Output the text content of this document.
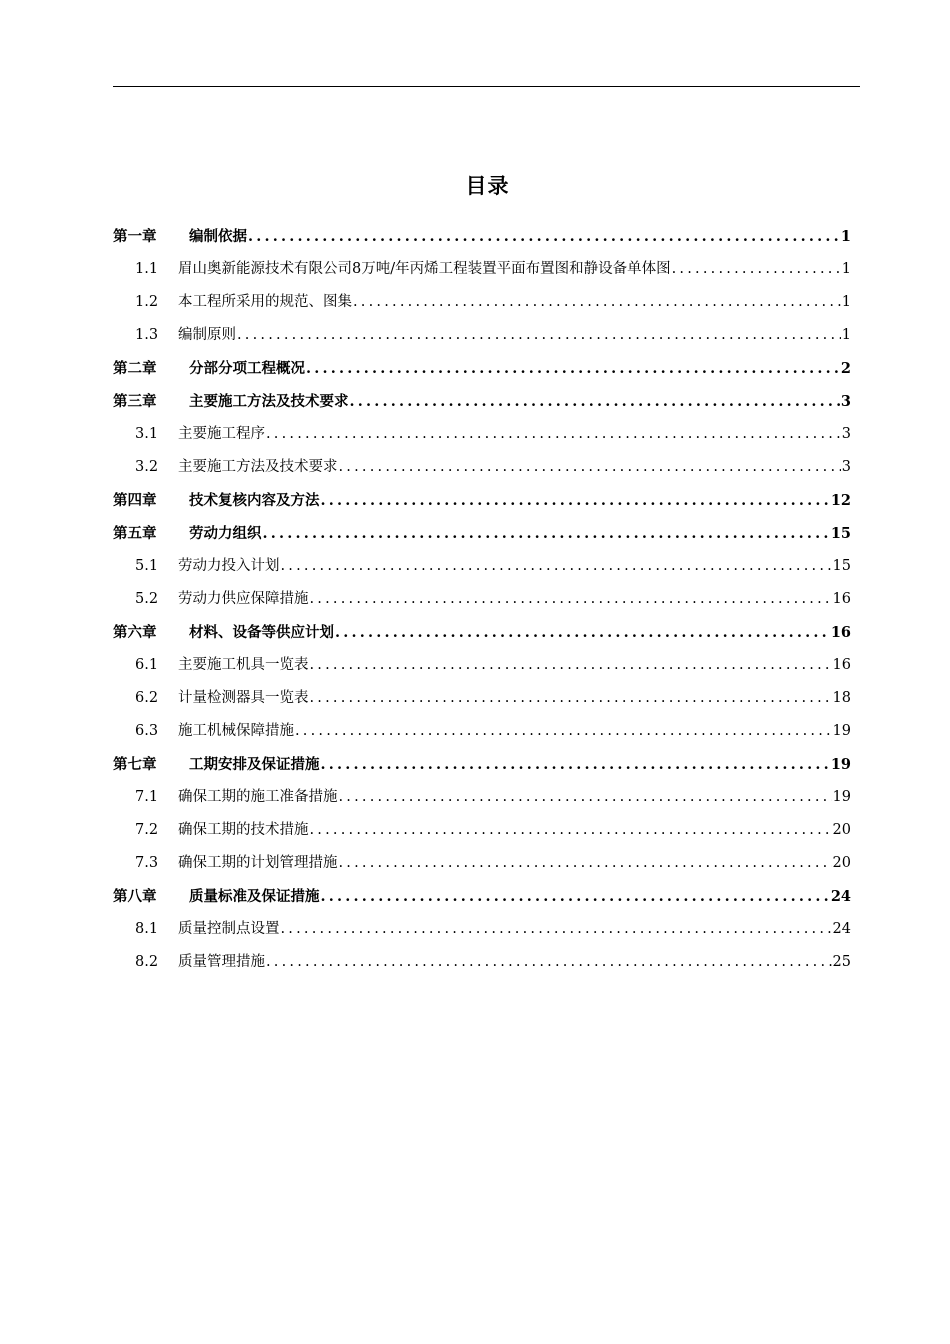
目录
第一章	编制依据 .....	1
1.1	眉山奥新能源技术有限公司8万吨/年丙烯工程装置平面布置图和静设备单体图 .....	1
1.2	本工程所采用的规范、图集 .....	1
1.3	编制原则 .....	1
第二章	分部分项工程概况 .....	2
第三章	主要施工方法及技术要求 .....	3
3.1	主要施工程序 .....	3
3.2	主要施工方法及技术要求 .....	3
第四章	技术复核内容及方法 .....	12
第五章	劳动力组织 .....	15
5.1	劳动力投入计划 .....	15
5.2	劳动力供应保障措施 .....	16
第六章	材料、设备等供应计划 .....	16
6.1	主要施工机具一览表 .....	16
6.2	计量检测器具一览表 .....	18
6.3	施工机械保障措施 .....	19
第七章	工期安排及保证措施 .....	19
7.1	确保工期的施工准备措施 .....	19
7.2	确保工期的技术措施 .....	20
7.3	确保工期的计划管理措施 .....	20
第八章	质量标准及保证措施 .....	24
8.1	质量控制点设置 .....	24
8.2	质量管理措施 .....	25
